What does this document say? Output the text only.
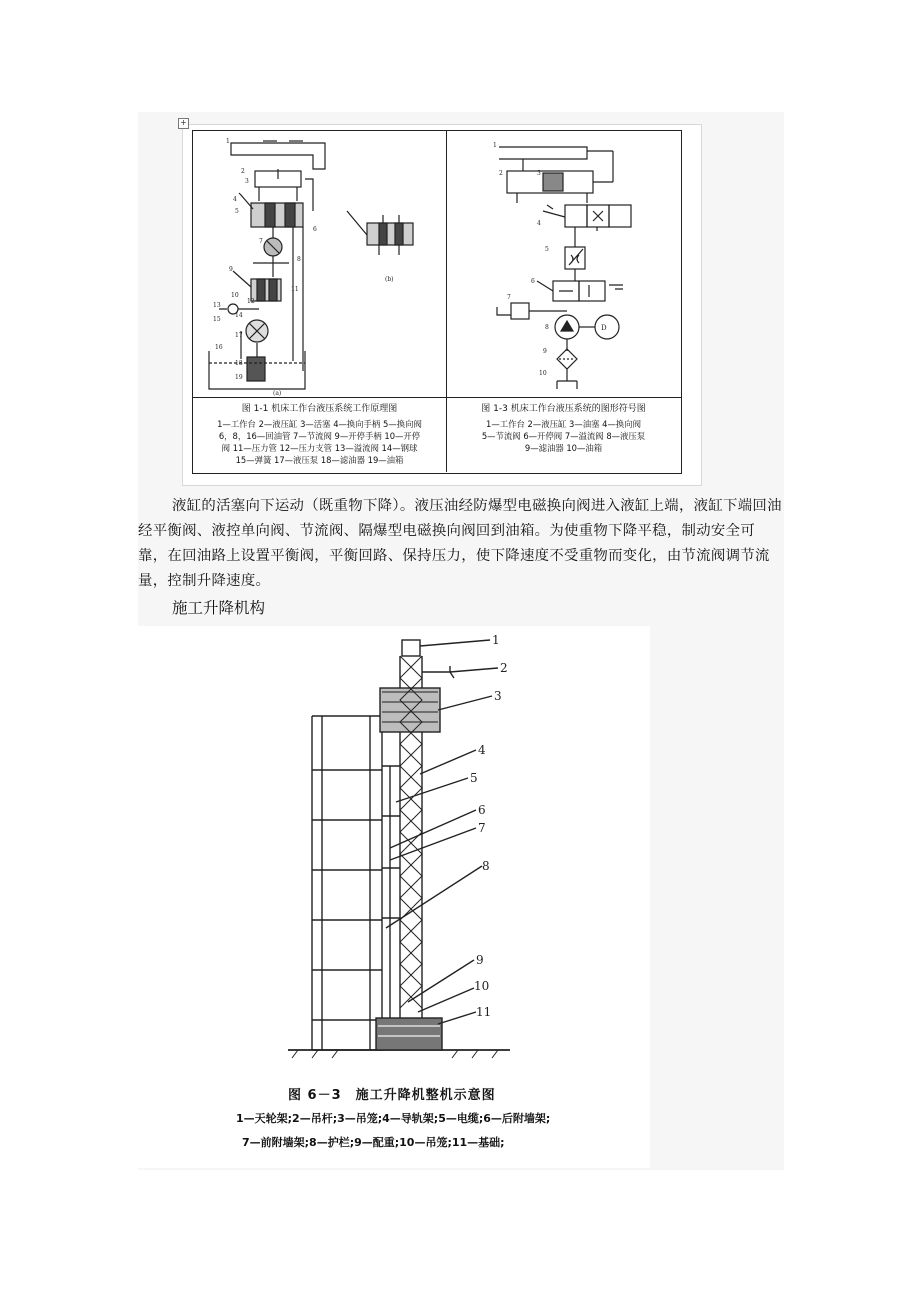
+
1
2
3
4
5
6
7
8
9
10
11
12
13
14
15
16
17
18
19
(a)
(b)
1
2	3
4
5
6
7
8
9
10
D
图 1-1 机床工作台液压系统工作原理图
1—工作台 2—液压缸 3—活塞 4—换向手柄 5—换向阀
6，8，16—回油管 7—节流阀 9—开停手柄 10—开停
阀 11—压力管 12—压力支管 13—溢流阀 14—钢球
15—弹簧 17—液压泵 18—滤油器 19—油箱
图 1-3 机床工作台液压系统的图形符号图
1—工作台 2—液压缸 3—油塞 4—换向阀
5—节流阀 6—开停阀 7—溢流阀 8—液压泵
9—滤油器 10—油箱
液缸的活塞向下运动（既重物下降）。液压油经防爆型电磁换向阀进入液缸上端，液缸下端回油经平衡阀、液控单向阀、节流阀、隔爆型电磁换向阀回到油箱。为使重物下降平稳，制动安全可靠，在回油路上设置平衡阀，平衡回路、保持压力，使下降速度不受重物而变化，由节流阀调节流量，控制升降速度。
施工升降机构
1
2
3
4
5
6
7
8
9
10
11
图 6－3　施工升降机整机示意图
1—天轮架;2—吊杆;3—吊笼;4—导轨架;5—电缆;6—后附墙架;
7—前附墙架;8—护栏;9—配重;10—吊笼;11—基础;
